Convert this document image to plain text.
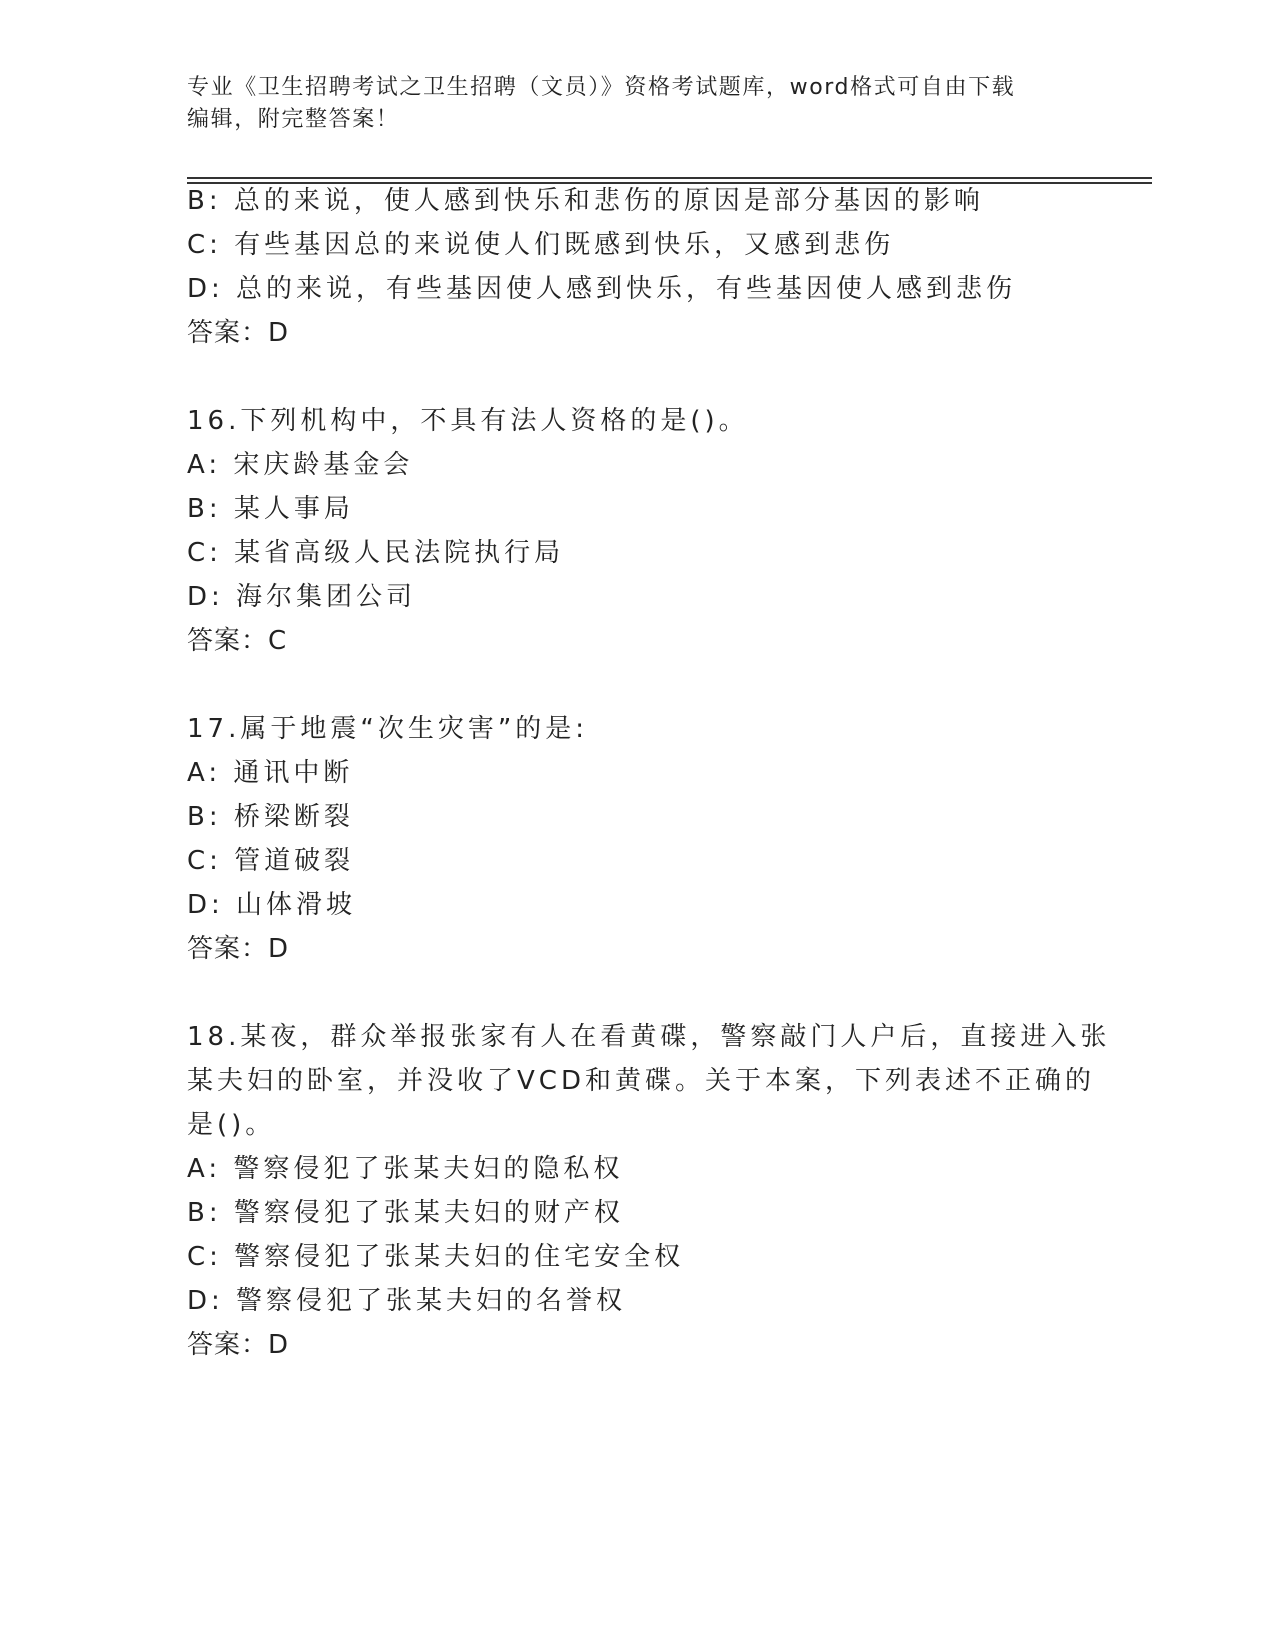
专业《卫生招聘考试之卫生招聘（文员）》资格考试题库，word格式可自由下载
编辑，附完整答案！
B: 总的来说，使人感到快乐和悲伤的原因是部分基因的影响
C: 有些基因总的来说使人们既感到快乐，又感到悲伤
D: 总的来说，有些基因使人感到快乐，有些基因使人感到悲伤
答案：D
16.下列机构中，不具有法人资格的是()。
A: 宋庆龄基金会
B: 某人事局
C: 某省高级人民法院执行局
D: 海尔集团公司
答案：C
17.属于地震“次生灾害”的是:
A: 通讯中断
B: 桥梁断裂
C: 管道破裂
D: 山体滑坡
答案：D
18.某夜，群众举报张家有人在看黄碟，警察敲门人户后，直接进入张
某夫妇的卧室，并没收了VCD和黄碟。关于本案，下列表述不正确的
是()。
A: 警察侵犯了张某夫妇的隐私权
B: 警察侵犯了张某夫妇的财产权
C: 警察侵犯了张某夫妇的住宅安全权
D: 警察侵犯了张某夫妇的名誉权
答案：D
